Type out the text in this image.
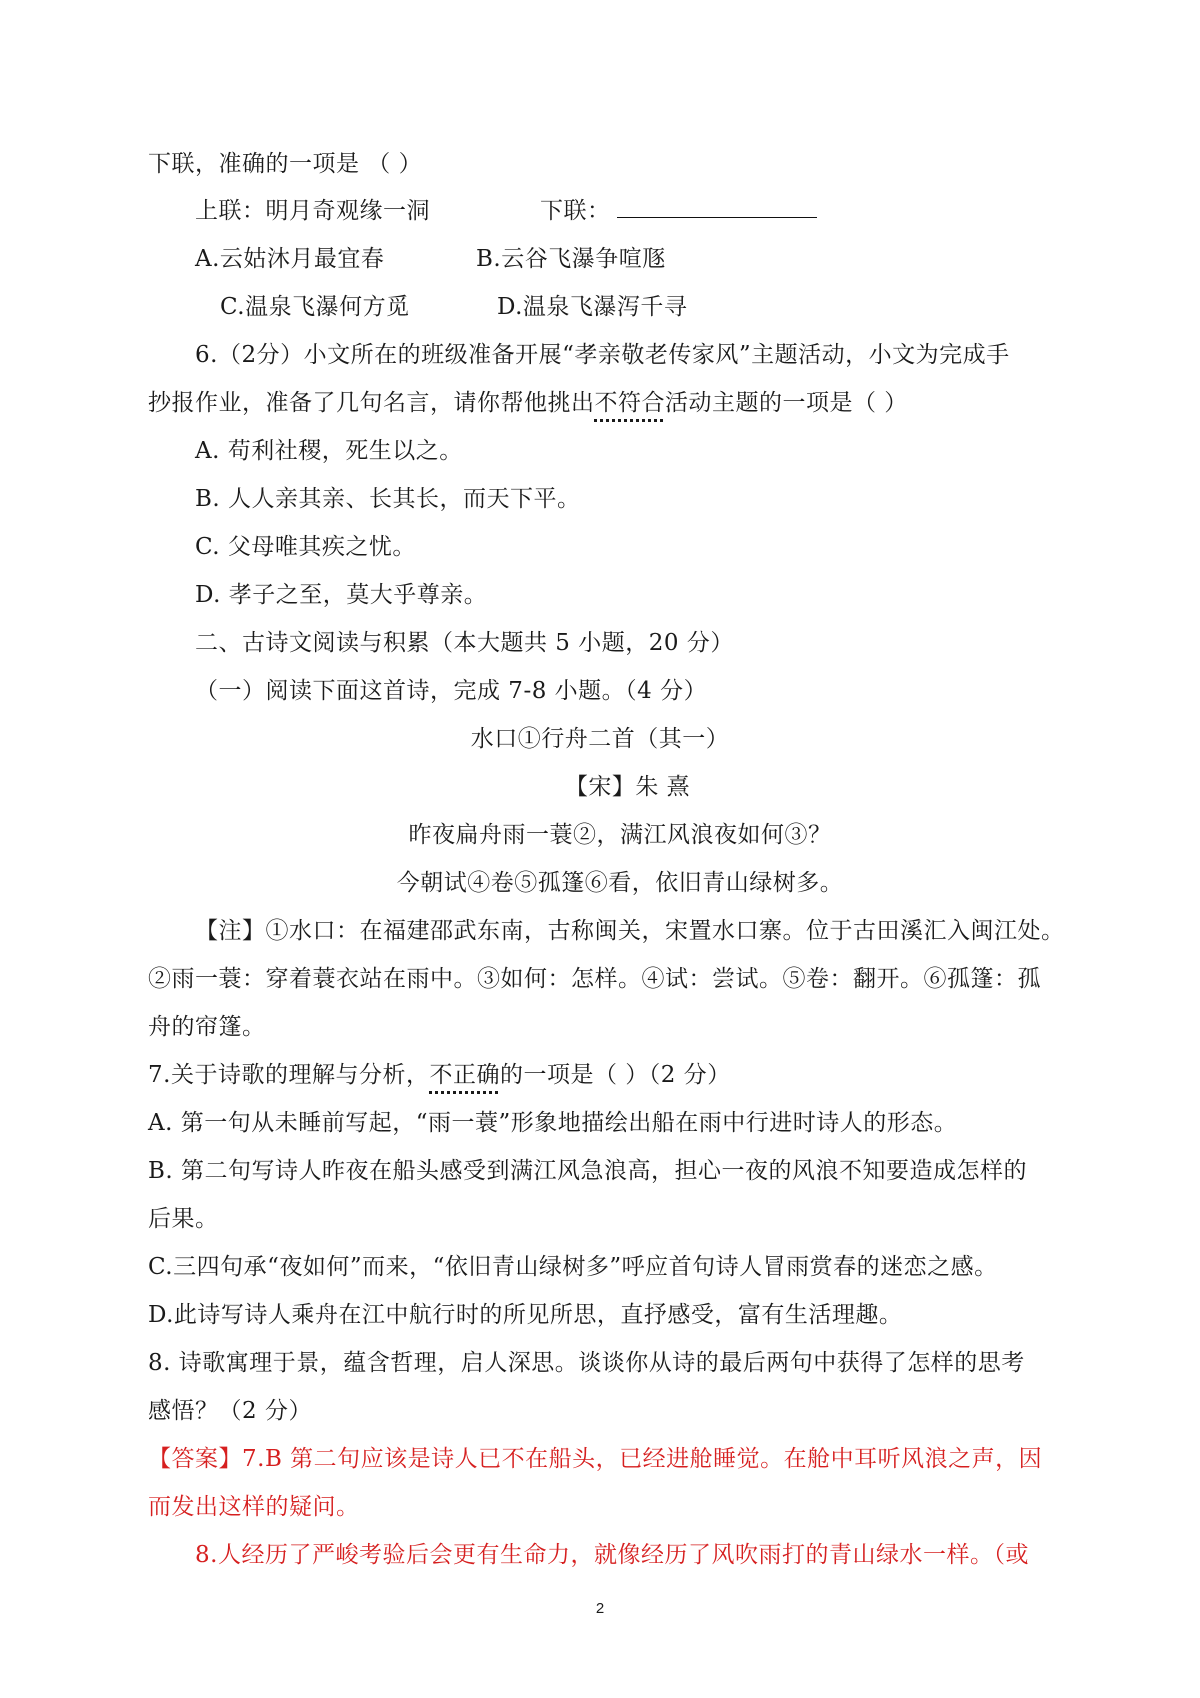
下联，准确的一项是 （ ）
上联：明月奇观缘一洞	下联：
A.云姑沐月最宜春	B.云谷飞瀑争喧豗
C.温泉飞瀑何方觅	D.温泉飞瀑泻千寻
6.（2分）小文所在的班级准备开展“孝亲敬老传家风”主题活动，小文为完成手
抄报作业，准备了几句名言，请你帮他挑出不符合活动主题的一项是（ ）
A. 苟利社稷，死生以之。
B. 人人亲其亲、长其长，而天下平。
C. 父母唯其疾之忧。
D. 孝子之至，莫大乎尊亲。
二、古诗文阅读与积累（本大题共 5 小题，20 分）
（一）阅读下面这首诗，完成 7-8 小题。（4 分）
水口①行舟二首（其一）
【宋】朱 熹
昨夜扁舟雨一蓑②，满江风浪夜如何③？
今朝试④卷⑤孤篷⑥看，依旧青山绿树多。
【注】①水口：在福建邵武东南，古称闽关，宋置水口寨。位于古田溪汇入闽江处。
②雨一蓑：穿着蓑衣站在雨中。③如何：怎样。④试：尝试。⑤卷：翻开。⑥孤篷：孤
舟的帘篷。
7.关于诗歌的理解与分析，不正确的一项是（ ）（2 分）
A. 第一句从未睡前写起，“雨一蓑”形象地描绘出船在雨中行进时诗人的形态。
B. 第二句写诗人昨夜在船头感受到满江风急浪高，担心一夜的风浪不知要造成怎样的
后果。
C.三四句承“夜如何”而来，“依旧青山绿树多”呼应首句诗人冒雨赏春的迷恋之感。
D.此诗写诗人乘舟在江中航行时的所见所思，直抒感受，富有生活理趣。
8. 诗歌寓理于景，蕴含哲理，启人深思。谈谈你从诗的最后两句中获得了怎样的思考
感悟？（2 分）
【答案】7.B 第二句应该是诗人已不在船头，已经进舱睡觉。在舱中耳听风浪之声，因
而发出这样的疑问。
8.人经历了严峻考验后会更有生命力，就像经历了风吹雨打的青山绿水一样。（或
2
